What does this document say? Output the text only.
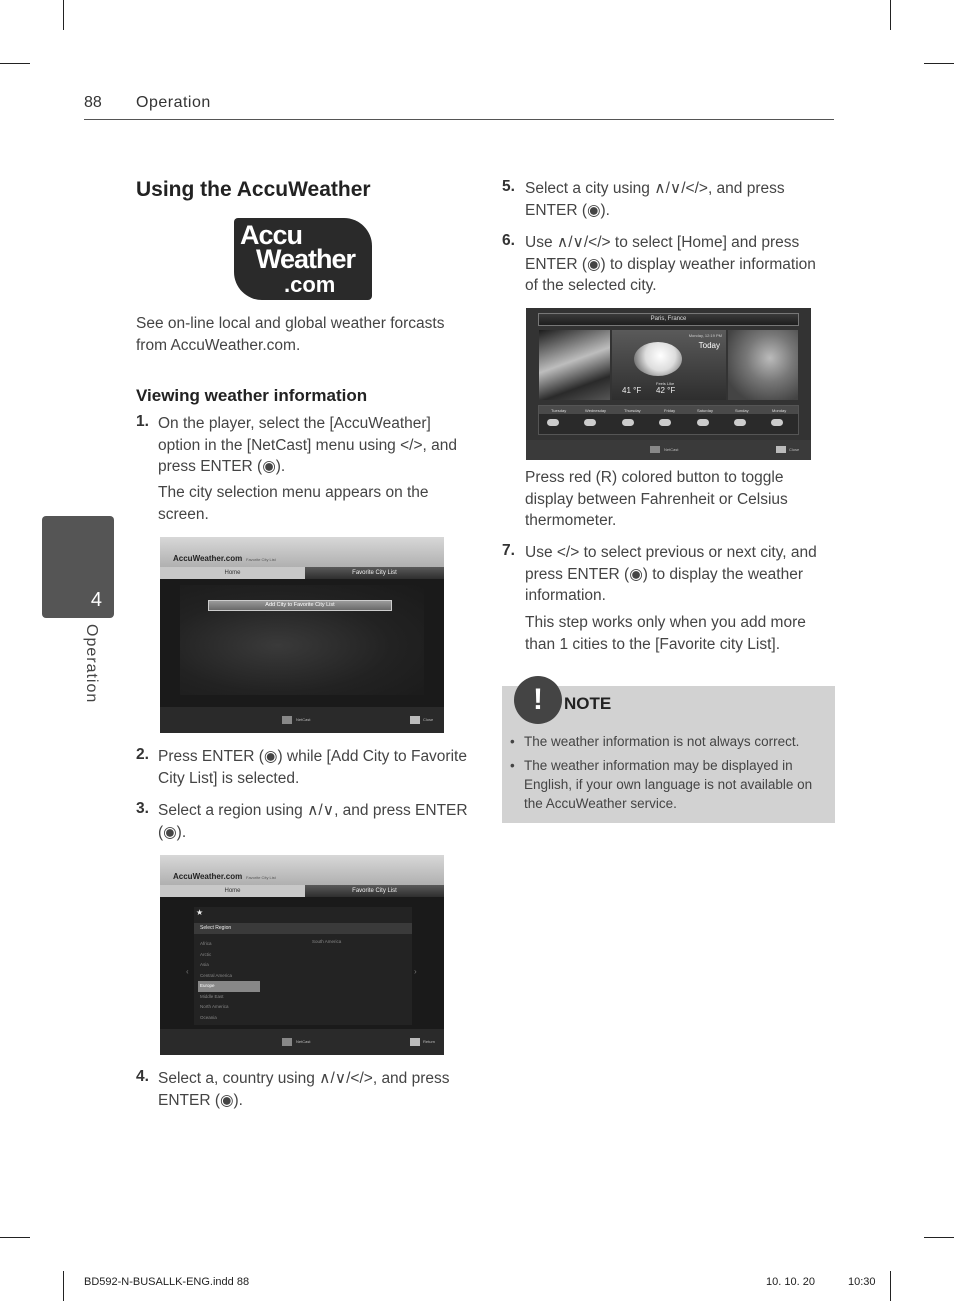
88 Operation
4
Operation
Using the AccuWeather
Accu
Weather
.com

See on-line local and global weather forcasts from AccuWeather.com.

Viewing weather information
1. On the player, select the [AccuWeather] option in the [NetCast] menu using </>, and press ENTER (◉).

The city selection menu appears on the screen.

AccuWeather.com Favorite City List
Home	Favorite City List
Add City to Favorite City List
NetCast	Close
2. Press ENTER (◉) while [Add City to Favorite City List] is selected.

3. Select a region using ∧/∨, and press ENTER (◉).

AccuWeather.com Favorite City List
Home	Favorite City List
★
Select Region
Africa
Arctic
Asia
Central America
Europe
Middle East
North America
Oceania
South America
‹	›
NetCast	Return
4. Select a, country using ∧/∨/</>, and press ENTER (◉).

5. Select a city using ∧/∨/</>, and press ENTER (◉).

6. Use ∧/∨/</> to select [Home] and press ENTER (◉) to display weather information of the selected city.

Paris, France
Monday, 12:19 PM
Today
41 °F
Feels Like
42 °F
Tuesday	Wednesday	Thursday	Friday	Saturday	Sunday	Monday
NetCast	Close

Press red (R) colored button to toggle display between Fahrenheit or Celsius thermometer.

7. Use </> to select previous or next city, and press ENTER (◉) to display the weather information.

This step works only when you add more than 1 cities to the [Favorite city List].

!	NOTE
• The weather information is not always correct.
• The weather information may be displayed in English, if your own language is not available on the AccuWeather service.
BD592-N-BUSALLK-ENG.indd 88	10. 10. 20	10:30
